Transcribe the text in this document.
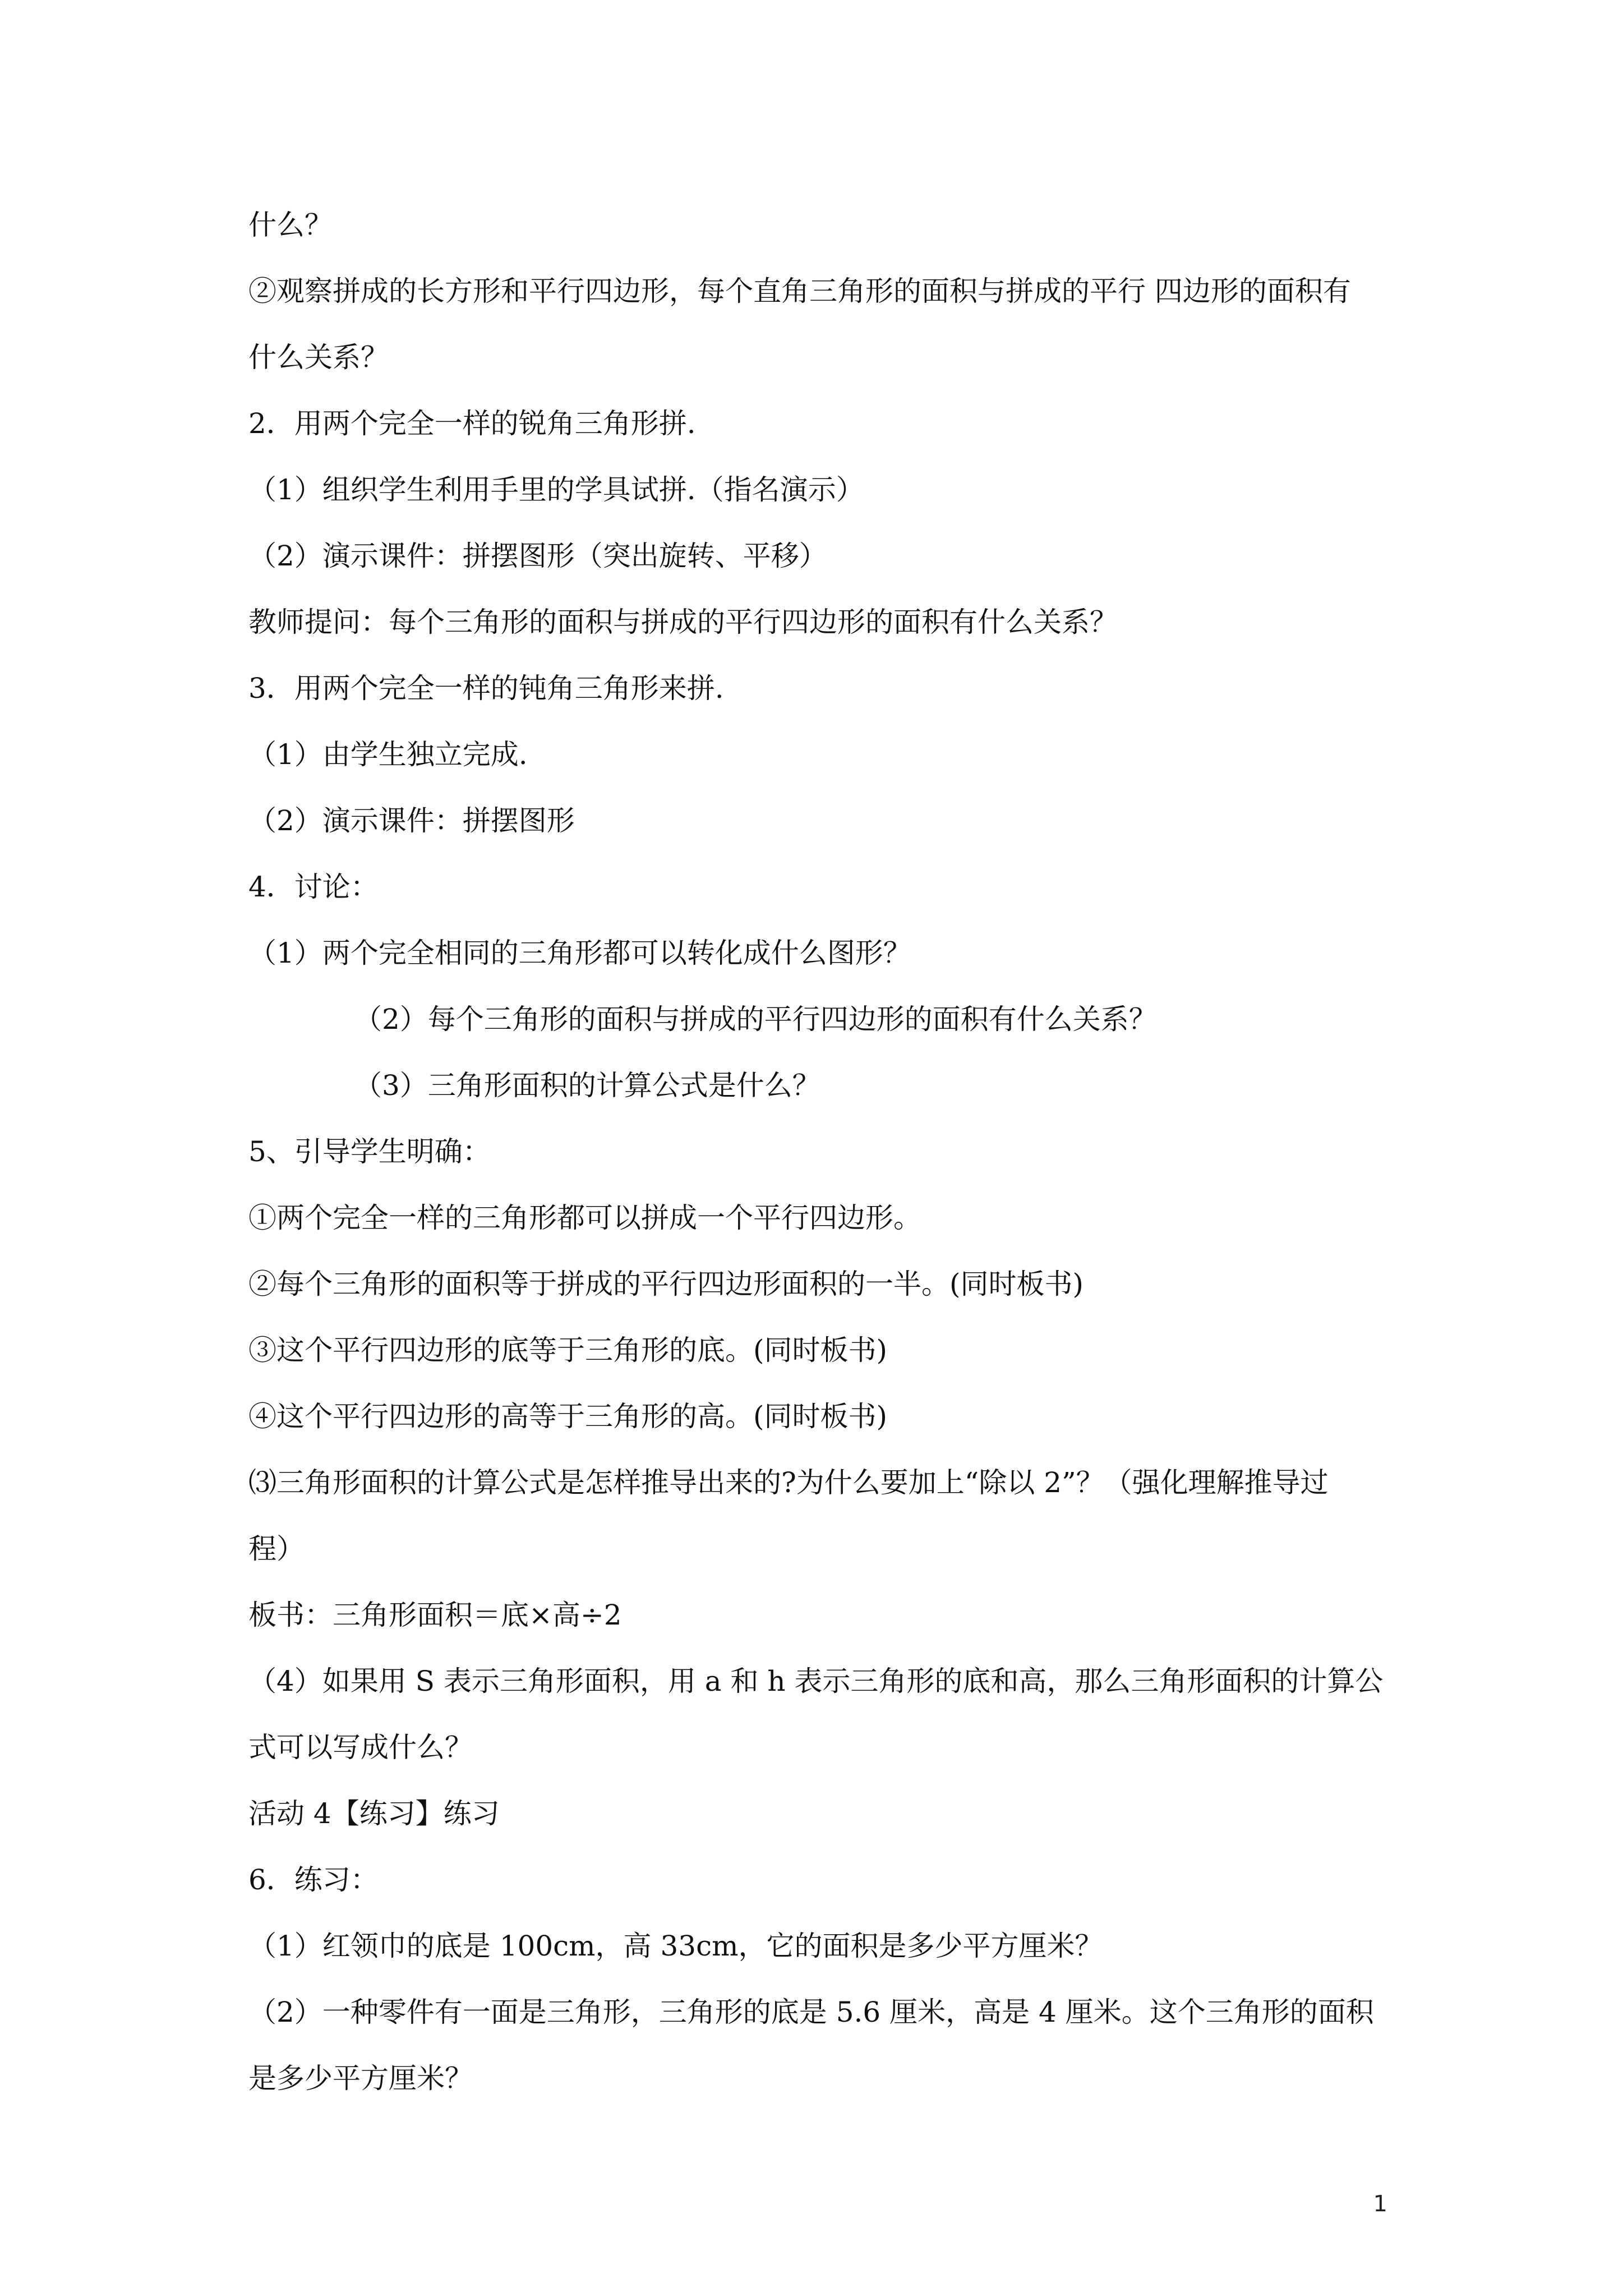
什么？

②观察拼成的长方形和平行四边形，每个直角三角形的面积与拼成的平行 四边形的面积有

什么关系？

2．用两个完全一样的锐角三角形拼.

（1）组织学生利用手里的学具试拼.（指名演示）

（2）演示课件：拼摆图形（突出旋转、平移）

教师提问：每个三角形的面积与拼成的平行四边形的面积有什么关系？

3．用两个完全一样的钝角三角形来拼.

（1）由学生独立完成.

（2）演示课件：拼摆图形

4．讨论：

（1）两个完全相同的三角形都可以转化成什么图形？

（2）每个三角形的面积与拼成的平行四边形的面积有什么关系？

（3）三角形面积的计算公式是什么？

5、引导学生明确：

①两个完全一样的三角形都可以拼成一个平行四边形。

②每个三角形的面积等于拼成的平行四边形面积的一半。(同时板书)

③这个平行四边形的底等于三角形的底。(同时板书)

④这个平行四边形的高等于三角形的高。(同时板书)

⑶三角形面积的计算公式是怎样推导出来的?为什么要加上“除以 2”？（强化理解推导过

程）

板书：三角形面积＝底×高÷2

（4）如果用 S 表示三角形面积，用 a 和 h 表示三角形的底和高，那么三角形面积的计算公

式可以写成什么？

活动 4【练习】练习

6．练习：

（1）红领巾的底是 100cm，高 33cm，它的面积是多少平方厘米？

（2）一种零件有一面是三角形，三角形的底是 5.6 厘米，高是 4 厘米。这个三角形的面积

是多少平方厘米？

1
